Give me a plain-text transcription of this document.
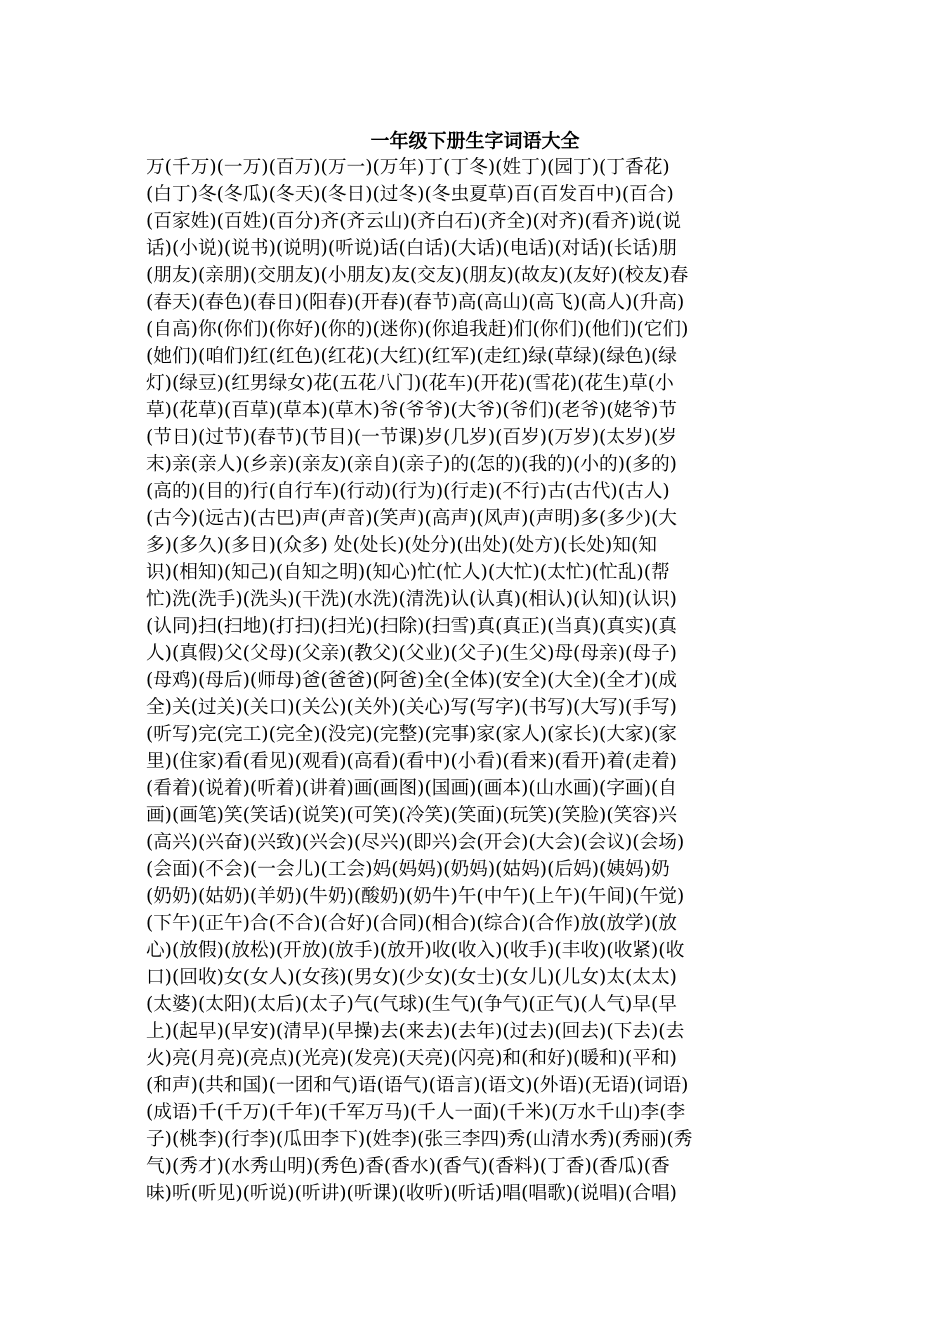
一年级下册生字词语大全
万(千万)(一万)(百万)(万一)(万年)丁(丁冬)(姓丁)(园丁)(丁香花)
(白丁)冬(冬瓜)(冬天)(冬日)(过冬)(冬虫夏草)百(百发百中)(百合)
(百家姓)(百姓)(百分)齐(齐云山)(齐白石)(齐全)(对齐)(看齐)说(说
话)(小说)(说书)(说明)(听说)话(白话)(大话)(电话)(对话)(长话)朋
(朋友)(亲朋)(交朋友)(小朋友)友(交友)(朋友)(故友)(友好)(校友)春
(春天)(春色)(春日)(阳春)(开春)(春节)高(高山)(高飞)(高人)(升高)
(自高)你(你们)(你好)(你的)(迷你)(你追我赶)们(你们)(他们)(它们)
(她们)(咱们)红(红色)(红花)(大红)(红军)(走红)绿(草绿)(绿色)(绿
灯)(绿豆)(红男绿女)花(五花八门)(花车)(开花)(雪花)(花生)草(小
草)(花草)(百草)(草本)(草木)爷(爷爷)(大爷)(爷们)(老爷)(姥爷)节
(节日)(过节)(春节)(节目)(一节课)岁(几岁)(百岁)(万岁)(太岁)(岁
末)亲(亲人)(乡亲)(亲友)(亲自)(亲子)的(怎的)(我的)(小的)(多的)
(高的)(目的)行(自行车)(行动)(行为)(行走)(不行)古(古代)(古人)
(古今)(远古)(古巴)声(声音)(笑声)(高声)(风声)(声明)多(多少)(大
多)(多久)(多日)(众多) 处(处长)(处分)(出处)(处方)(长处)知(知
识)(相知)(知己)(自知之明)(知心)忙(忙人)(大忙)(太忙)(忙乱)(帮
忙)洗(洗手)(洗头)(干洗)(水洗)(清洗)认(认真)(相认)(认知)(认识)
(认同)扫(扫地)(打扫)(扫光)(扫除)(扫雪)真(真正)(当真)(真实)(真
人)(真假)父(父母)(父亲)(教父)(父业)(父子)(生父)母(母亲)(母子)
(母鸡)(母后)(师母)爸(爸爸)(阿爸)全(全体)(安全)(大全)(全才)(成
全)关(过关)(关口)(关公)(关外)(关心)写(写字)(书写)(大写)(手写)
(听写)完(完工)(完全)(没完)(完整)(完事)家(家人)(家长)(大家)(家
里)(住家)看(看见)(观看)(高看)(看中)(小看)(看来)(看开)着(走着)
(看着)(说着)(听着)(讲着)画(画图)(国画)(画本)(山水画)(字画)(自
画)(画笔)笑(笑话)(说笑)(可笑)(冷笑)(笑面)(玩笑)(笑脸)(笑容)兴
(高兴)(兴奋)(兴致)(兴会)(尽兴)(即兴)会(开会)(大会)(会议)(会场)
(会面)(不会)(一会儿)(工会)妈(妈妈)(奶妈)(姑妈)(后妈)(姨妈)奶
(奶奶)(姑奶)(羊奶)(牛奶)(酸奶)(奶牛)午(中午)(上午)(午间)(午觉)
(下午)(正午)合(不合)(合好)(合同)(相合)(综合)(合作)放(放学)(放
心)(放假)(放松)(开放)(放手)(放开)收(收入)(收手)(丰收)(收紧)(收
口)(回收)女(女人)(女孩)(男女)(少女)(女士)(女儿)(儿女)太(太太)
(太婆)(太阳)(太后)(太子)气(气球)(生气)(争气)(正气)(人气)早(早
上)(起早)(早安)(清早)(早操)去(来去)(去年)(过去)(回去)(下去)(去
火)亮(月亮)(亮点)(光亮)(发亮)(天亮)(闪亮)和(和好)(暖和)(平和)
(和声)(共和国)(一团和气)语(语气)(语言)(语文)(外语)(无语)(词语)
(成语)千(千万)(千年)(千军万马)(千人一面)(千米)(万水千山)李(李
子)(桃李)(行李)(瓜田李下)(姓李)(张三李四)秀(山清水秀)(秀丽)(秀
气)(秀才)(水秀山明)(秀色)香(香水)(香气)(香料)(丁香)(香瓜)(香
味)听(听见)(听说)(听讲)(听课)(收听)(听话)唱(唱歌)(说唱)(合唱)
